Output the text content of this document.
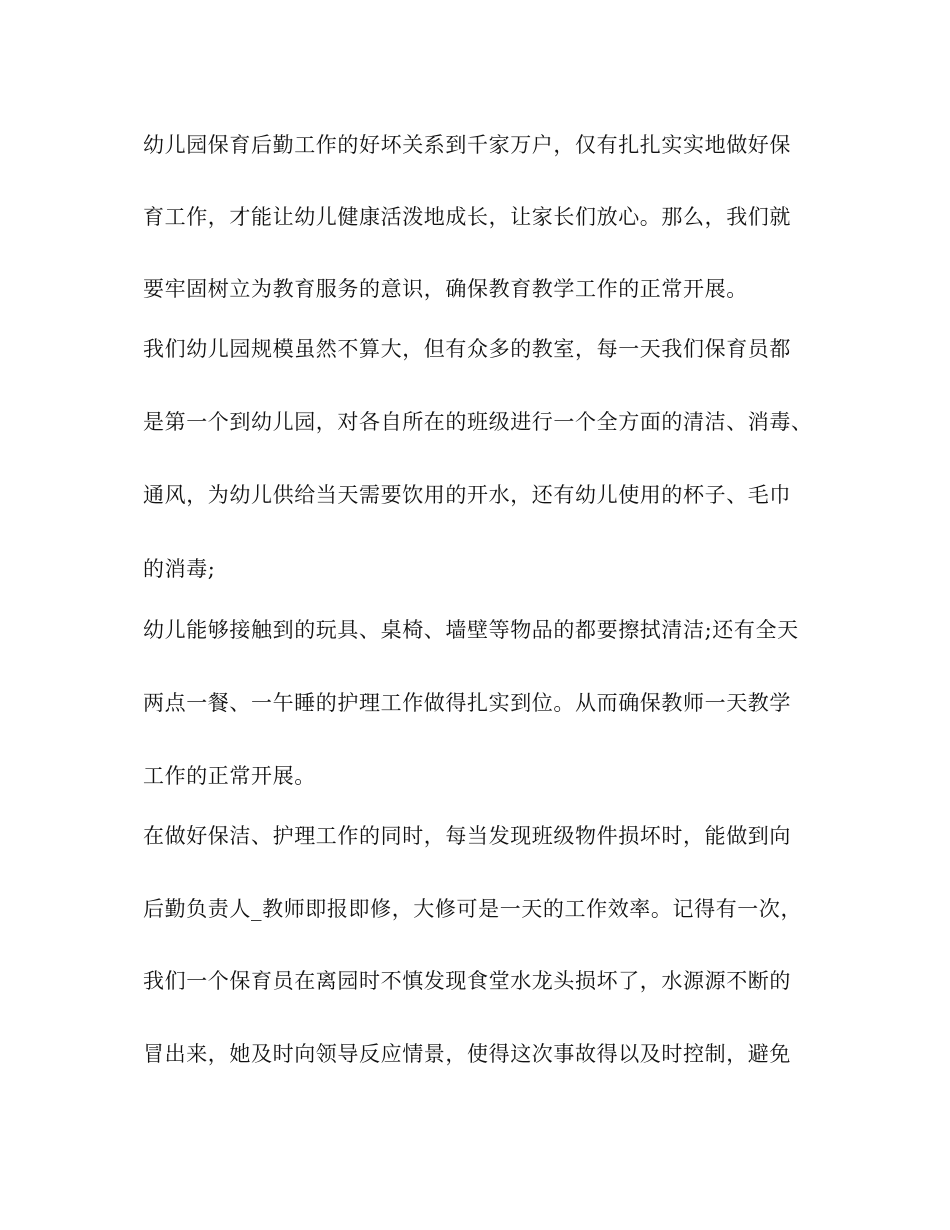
幼儿园保育后勤工作的好坏关系到千家万户，仅有扎扎实实地做好保

育工作，才能让幼儿健康活泼地成长，让家长们放心。那么，我们就

要牢固树立为教育服务的意识，确保教育教学工作的正常开展。

我们幼儿园规模虽然不算大，但有众多的教室，每一天我们保育员都

是第一个到幼儿园，对各自所在的班级进行一个全方面的清洁、消毒、

通风，为幼儿供给当天需要饮用的开水，还有幼儿使用的杯子、毛巾

的消毒;

幼儿能够接触到的玩具、桌椅、墙壁等物品的都要擦拭清洁;还有全天

两点一餐、一午睡的护理工作做得扎实到位。从而确保教师一天教学

工作的正常开展。

在做好保洁、护理工作的同时，每当发现班级物件损坏时，能做到向

后勤负责人_教师即报即修，大修可是一天的工作效率。记得有一次，

我们一个保育员在离园时不慎发现食堂水龙头损坏了，水源源不断的

冒出来，她及时向领导反应情景，使得这次事故得以及时控制，避免
